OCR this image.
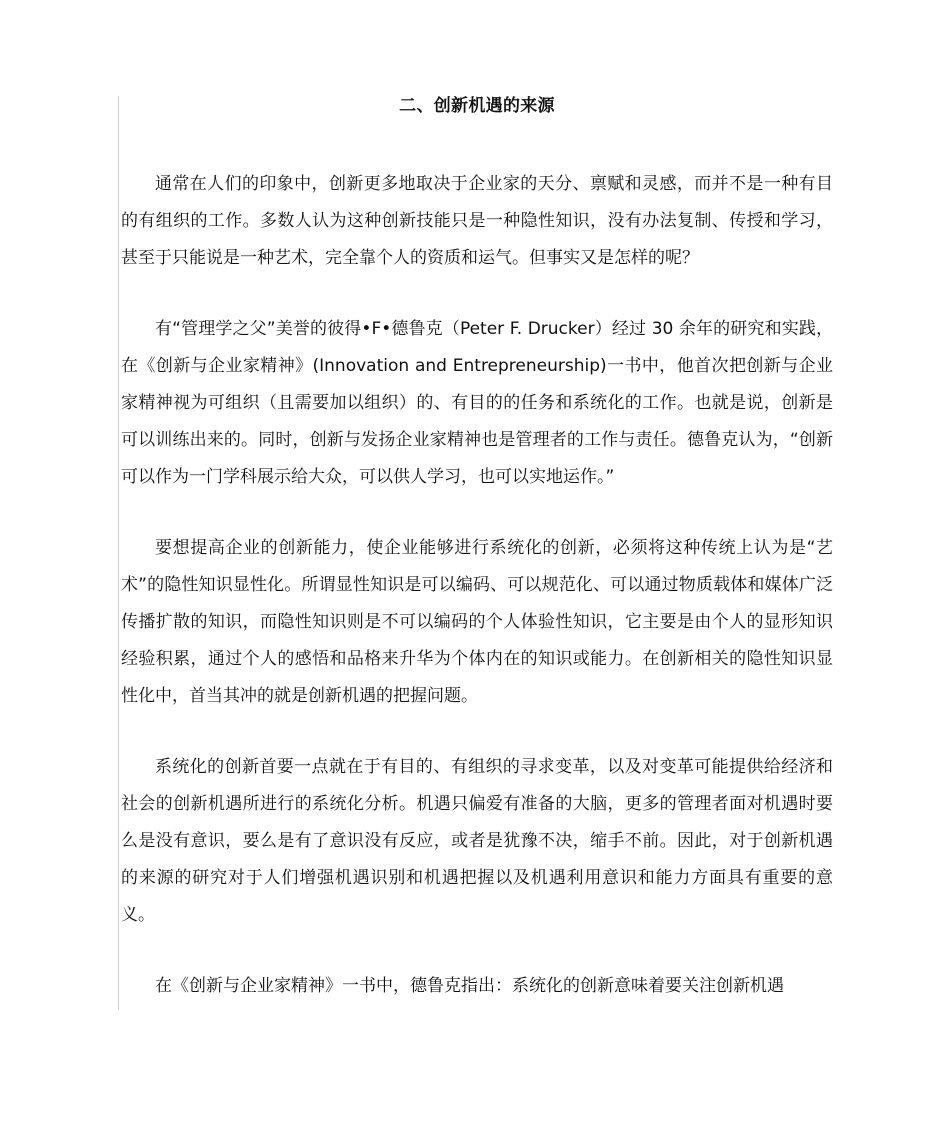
二、创新机遇的来源

通常在人们的印象中，创新更多地取决于企业家的天分、禀赋和灵感，而并不是一种有目的有组织的工作。多数人认为这种创新技能只是一种隐性知识，没有办法复制、传授和学习，甚至于只能说是一种艺术，完全靠个人的资质和运气。但事实又是怎样的呢？

有“管理学之父”美誉的彼得•F•德鲁克（Peter F. Drucker）经过 30 余年的研究和实践，在《创新与企业家精神》(Innovation and Entrepreneurship)一书中，他首次把创新与企业家精神视为可组织（且需要加以组织）的、有目的的任务和系统化的工作。也就是说，创新是可以训练出来的。同时，创新与发扬企业家精神也是管理者的工作与责任。德鲁克认为，“创新可以作为一门学科展示给大众，可以供人学习，也可以实地运作。”

要想提高企业的创新能力，使企业能够进行系统化的创新，必须将这种传统上认为是“艺术”的隐性知识显性化。所谓显性知识是可以编码、可以规范化、可以通过物质载体和媒体广泛传播扩散的知识，而隐性知识则是不可以编码的个人体验性知识，它主要是由个人的显形知识经验积累，通过个人的感悟和品格来升华为个体内在的知识或能力。在创新相关的隐性知识显性化中，首当其冲的就是创新机遇的把握问题。

系统化的创新首要一点就在于有目的、有组织的寻求变革，以及对变革可能提供给经济和社会的创新机遇所进行的系统化分析。机遇只偏爱有准备的大脑，更多的管理者面对机遇时要么是没有意识，要么是有了意识没有反应，或者是犹豫不决，缩手不前。因此，对于创新机遇的来源的研究对于人们增强机遇识别和机遇把握以及机遇利用意识和能力方面具有重要的意义。

在《创新与企业家精神》一书中，德鲁克指出：系统化的创新意味着要关注创新机遇
